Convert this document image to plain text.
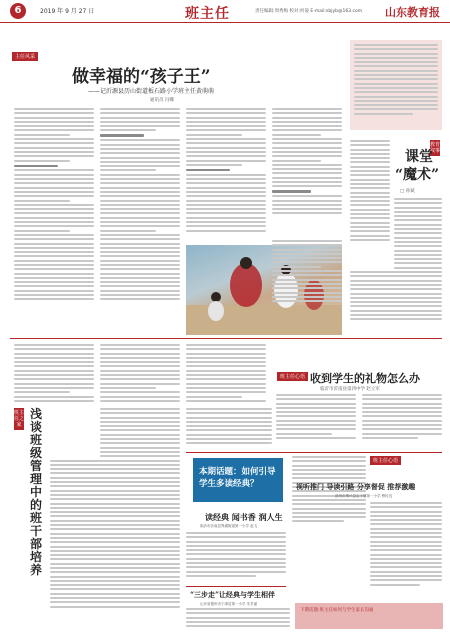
6	2019 年 9 月 27 日	班主任	责任编辑:周秀梅 校对:何晏 E-mail:sbjyb@163.com 山东教育报
主任风采
做幸福的“孩子王”
——记沂源县历山街道板石路小学班主任黄萌萌
通讯员 冯娜
教育叙事
课堂
“魔术”
□ 孙斌
班主任之家
浅谈班级管理中的班干部培养
班主任心语 收到学生的礼物怎么办
临沂市沂南县第四中学 赵立军
本期话题：如何引导学生多读经典？
读经典 闻书香 润人生
临沂市沂南县界湖街道第一小学 赵飞
班主任心语
视听推门 导读引路 分享督促 推荐激趣
滨州市博兴县店子镇第一小学 穆传良
“三步走”让经典与学生相伴
山东省德州市宁津县第一小学 朱芳丽
下期话题:班主任如何与学生家长沟通
